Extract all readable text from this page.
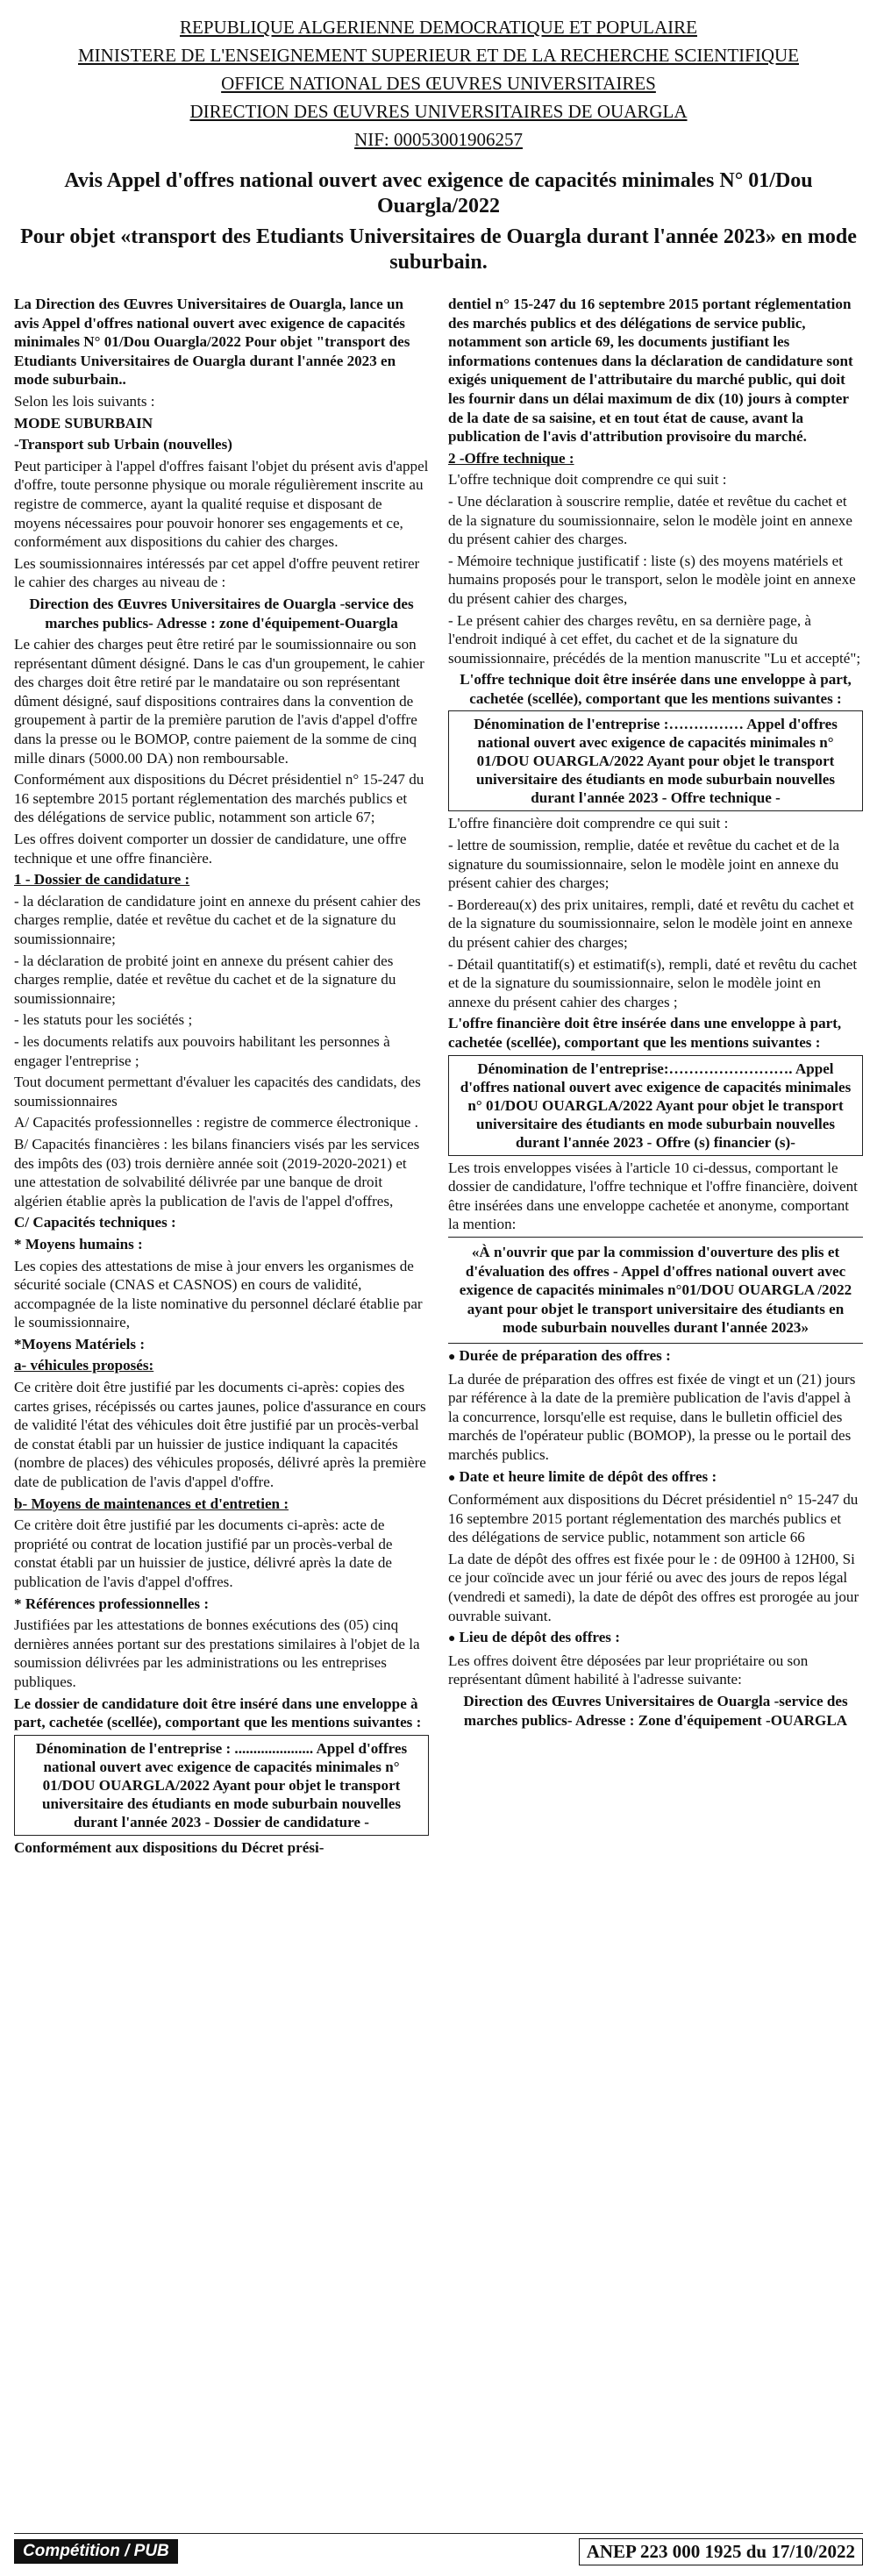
REPUBLIQUE ALGERIENNE DEMOCRATIQUE ET POPULAIRE
MINISTERE DE L'ENSEIGNEMENT SUPERIEUR ET DE LA RECHERCHE SCIENTIFIQUE
OFFICE NATIONAL DES ŒUVRES UNIVERSITAIRES
DIRECTION DES ŒUVRES UNIVERSITAIRES DE OUARGLA
NIF: 00053001906257
Avis Appel d'offres national ouvert avec exigence de capacités minimales N° 01/Dou Ouargla/2022
Pour objet «transport des Etudiants Universitaires de Ouargla durant l'année 2023» en mode suburbain.

La Direction des Œuvres Universitaires de Ouargla, lance un avis Appel d'offres national ouvert avec exigence de capacités minimales N° 01/Dou Ouargla/2022 Pour objet "transport des Etudiants Universitaires de Ouargla durant l'année 2023 en mode suburbain..

Selon les lois suivants :

MODE SUBURBAIN

-Transport sub Urbain (nouvelles)

Peut participer à l'appel d'offres faisant l'objet du présent avis d'appel d'offre, toute personne physique ou morale régulièrement inscrite au registre de commerce, ayant la qualité requise et disposant de moyens nécessaires pour pouvoir honorer ses engagements et ce, conformément aux dispositions du cahier des charges.

Les soumissionnaires intéressés par cet appel d'offre peuvent retirer le cahier des charges au niveau de :

Direction des Œuvres Universitaires de Ouargla -service des marches publics- Adresse : zone d'équipement-Ouargla

Le cahier des charges peut être retiré par le soumissionnaire ou son représentant dûment désigné. Dans le cas d'un groupement, le cahier des charges doit être retiré par le mandataire ou son représentant dûment désigné, sauf dispositions contraires dans la convention de groupement à partir de la première parution de l'avis d'appel d'offre dans la presse ou le BOMOP, contre paiement de la somme de cinq mille dinars (5000.00 DA) non remboursable.

Conformément aux dispositions du Décret présidentiel n° 15-247 du 16 septembre 2015 portant réglementation des marchés publics et des délégations de service public, notamment son article 67;

Les offres doivent comporter un dossier de candidature, une offre technique et une offre financière.

1 - Dossier de candidature :

- la déclaration de candidature joint en annexe du présent cahier des charges remplie, datée et revêtue du cachet et de la signature du soumissionnaire;

- la déclaration de probité joint en annexe du présent cahier des charges remplie, datée et revêtue du cachet et de la signature du soumissionnaire;

- les statuts pour les sociétés ;

- les documents relatifs aux pouvoirs habilitant les personnes à engager l'entreprise ;

Tout document permettant d'évaluer les capacités des candidats, des soumissionnaires

A/ Capacités professionnelles : registre de commerce électronique .

B/ Capacités financières : les bilans financiers visés par les services des impôts des (03) trois dernière année soit (2019-2020-2021) et une attestation de solvabilité délivrée par une banque de droit algérien établie après la publication de l'avis de l'appel d'offres,

C/ Capacités techniques :

* Moyens humains :

Les copies des attestations de mise à jour envers les organismes de sécurité sociale (CNAS et CASNOS) en cours de validité, accompagnée de la liste nominative du personnel déclaré établie par le soumissionnaire,

*Moyens Matériels :

a- véhicules proposés:

Ce critère doit être justifié par les documents ci-après: copies des cartes grises, récépissés ou cartes jaunes, police d'assurance en cours de validité l'état des véhicules doit être justifié par un procès-verbal de constat établi par un huissier de justice indiquant la capacités (nombre de places) des véhicules proposés, délivré après la première date de publication de l'avis d'appel d'offre.

b- Moyens de maintenances et d'entretien :

Ce critère doit être justifié par les documents ci-après: acte de propriété ou contrat de location justifié par un procès-verbal de constat établi par un huissier de justice, délivré après la date de publication de l'avis d'appel d'offres.

* Références professionnelles :

Justifiées par les attestations de bonnes exécutions des (05) cinq dernières années portant sur des prestations similaires à l'objet de la soumission délivrées par les administrations ou les entreprises publiques.

Le dossier de candidature doit être inséré dans une enveloppe à part, cachetée (scellée), comportant que les mentions suivantes :

Dénomination de l'entreprise : ..................... Appel d'offres national ouvert avec exigence de capacités minimales n° 01/DOU OUARGLA/2022 Ayant pour objet le transport universitaire des étudiants en mode suburbain nouvelles durant l'année 2023 - Dossier de candidature -

Conformément aux dispositions du Décret prési-

dentiel n° 15-247 du 16 septembre 2015 portant réglementation des marchés publics et des délégations de service public, notamment son article 69, les documents justifiant les informations contenues dans la déclaration de candidature sont exigés uniquement de l'attributaire du marché public, qui doit les fournir dans un délai maximum de dix (10) jours à compter de la date de sa saisine, et en tout état de cause, avant la publication de l'avis d'attribution provisoire du marché.

2 -Offre technique :

L'offre technique doit comprendre ce qui suit :

- Une déclaration à souscrire remplie, datée et revêtue du cachet et de la signature du soumissionnaire, selon le modèle joint en annexe du présent cahier des charges.

- Mémoire technique justificatif : liste (s) des moyens matériels et humains proposés pour le transport, selon le modèle joint en annexe du présent cahier des charges,

- Le présent cahier des charges revêtu, en sa dernière page, à l'endroit indiqué à cet effet, du cachet et de la signature du soumissionnaire, précédés de la mention manuscrite "Lu et accepté";

L'offre technique doit être insérée dans une enveloppe à part, cachetée (scellée), comportant que les mentions suivantes :

Dénomination de l'entreprise :…………… Appel d'offres national ouvert avec exigence de capacités minimales n° 01/DOU OUARGLA/2022 Ayant pour objet le transport universitaire des étudiants en mode suburbain nouvelles durant l'année 2023 - Offre technique -

L'offre financière doit comprendre ce qui suit :

- lettre de soumission, remplie, datée et revêtue du cachet et de la signature du soumissionnaire, selon le modèle joint en annexe du présent cahier des charges;

- Bordereau(x) des prix unitaires, rempli, daté et revêtu du cachet et de la signature du soumissionnaire, selon le modèle joint en annexe du présent cahier des charges;

- Détail quantitatif(s) et estimatif(s), rempli, daté et revêtu du cachet et de la signature du soumissionnaire, selon le modèle joint en annexe du présent cahier des charges ;

L'offre financière doit être insérée dans une enveloppe à part, cachetée (scellée), comportant que les mentions suivantes :

Dénomination de l'entreprise:……………………. Appel d'offres national ouvert avec exigence de capacités minimales n° 01/DOU OUARGLA/2022 Ayant pour objet le transport universitaire des étudiants en mode suburbain nouvelles durant l'année 2023 - Offre (s) financier (s)-

Les trois enveloppes visées à l'article 10 ci-dessus, comportant le dossier de candidature, l'offre technique et l'offre financière, doivent être insérées dans une enveloppe cachetée et anonyme, comportant la mention:

«À n'ouvrir que par la commission d'ouverture des plis et d'évaluation des offres - Appel d'offres national ouvert avec exigence de capacités minimales n°01/DOU OUARGLA /2022 ayant pour objet le transport universitaire des étudiants en mode suburbain nouvelles durant l'année 2023»

● Durée de préparation des offres :

La durée de préparation des offres est fixée de vingt et un (21) jours par référence à la date de la première publication de l'avis d'appel à la concurrence, lorsqu'elle est requise, dans le bulletin officiel des marchés de l'opérateur public (BOMOP), la presse ou le portail des marchés publics.

● Date et heure limite de dépôt des offres :

Conformément aux dispositions du Décret présidentiel n° 15-247 du 16 septembre 2015 portant réglementation des marchés publics et des délégations de service public, notamment son article 66

La date de dépôt des offres est fixée pour le : de 09H00 à 12H00, Si ce jour coïncide avec un jour férié ou avec des jours de repos légal (vendredi et samedi), la date de dépôt des offres est prorogée au jour ouvrable suivant.

● Lieu de dépôt des offres :

Les offres doivent être déposées par leur propriétaire ou son représentant dûment habilité à l'adresse suivante:

Direction des Œuvres Universitaires de Ouargla -service des marches publics- Adresse : Zone d'équipement -OUARGLA

Compétition / PUB	ANEP 223 000 1925 du 17/10/2022
